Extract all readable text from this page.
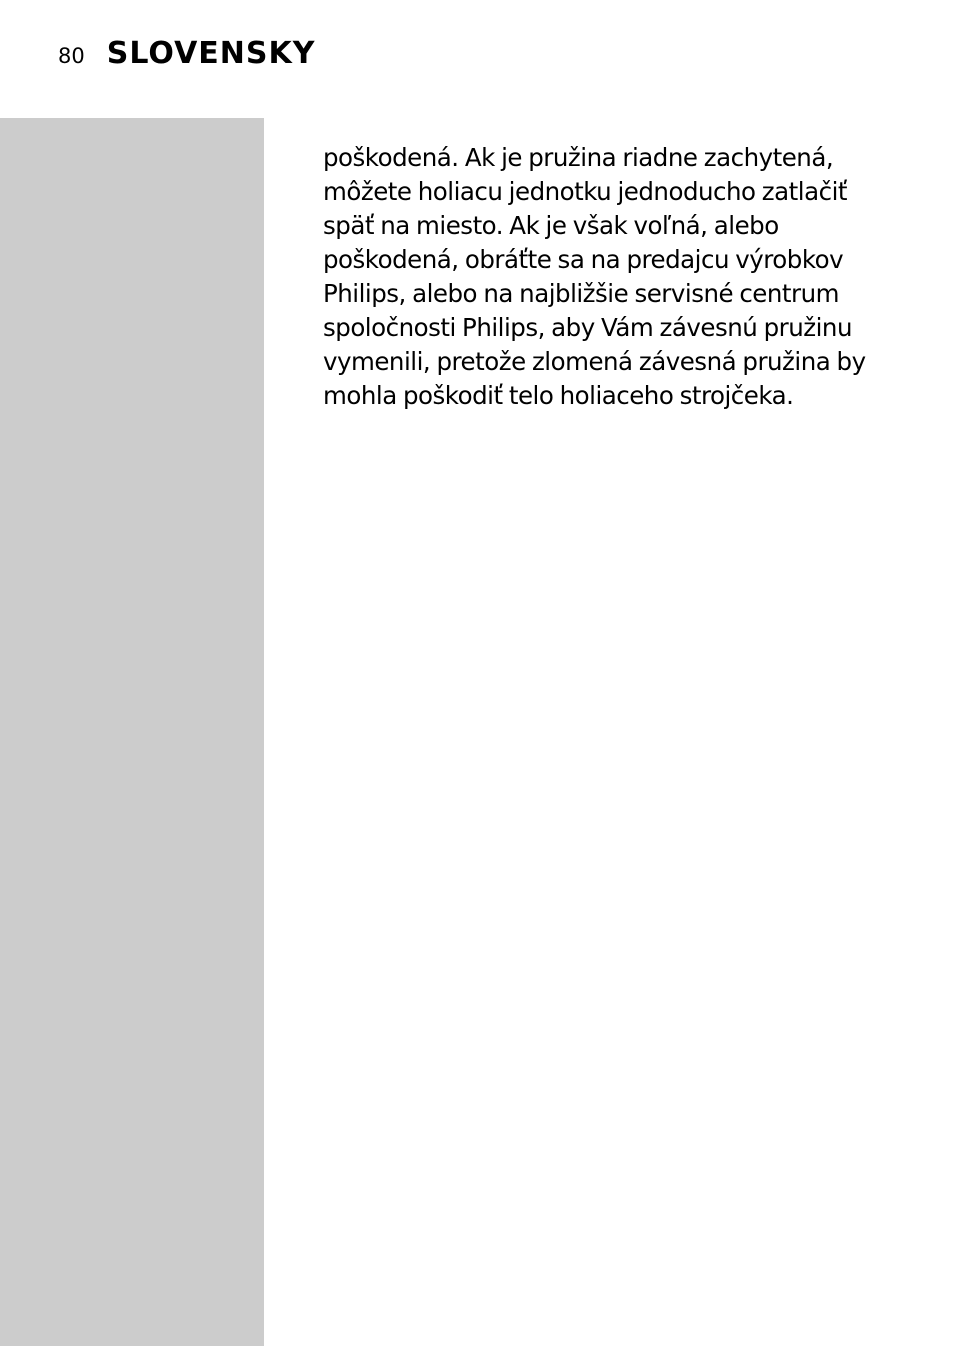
80 SLOVENSKY

poškodená. Ak je pružina riadne zachytená,
môžete holiacu jednotku jednoducho zatlačiť
späť na miesto. Ak je však voľná, alebo
poškodená, obráťte sa na predajcu výrobkov
Philips, alebo na najbližšie servisné centrum
spoločnosti Philips, aby Vám závesnú pružinu
vymenili, pretože zlomená závesná pružina by
mohla poškodiť telo holiaceho strojčeka.
